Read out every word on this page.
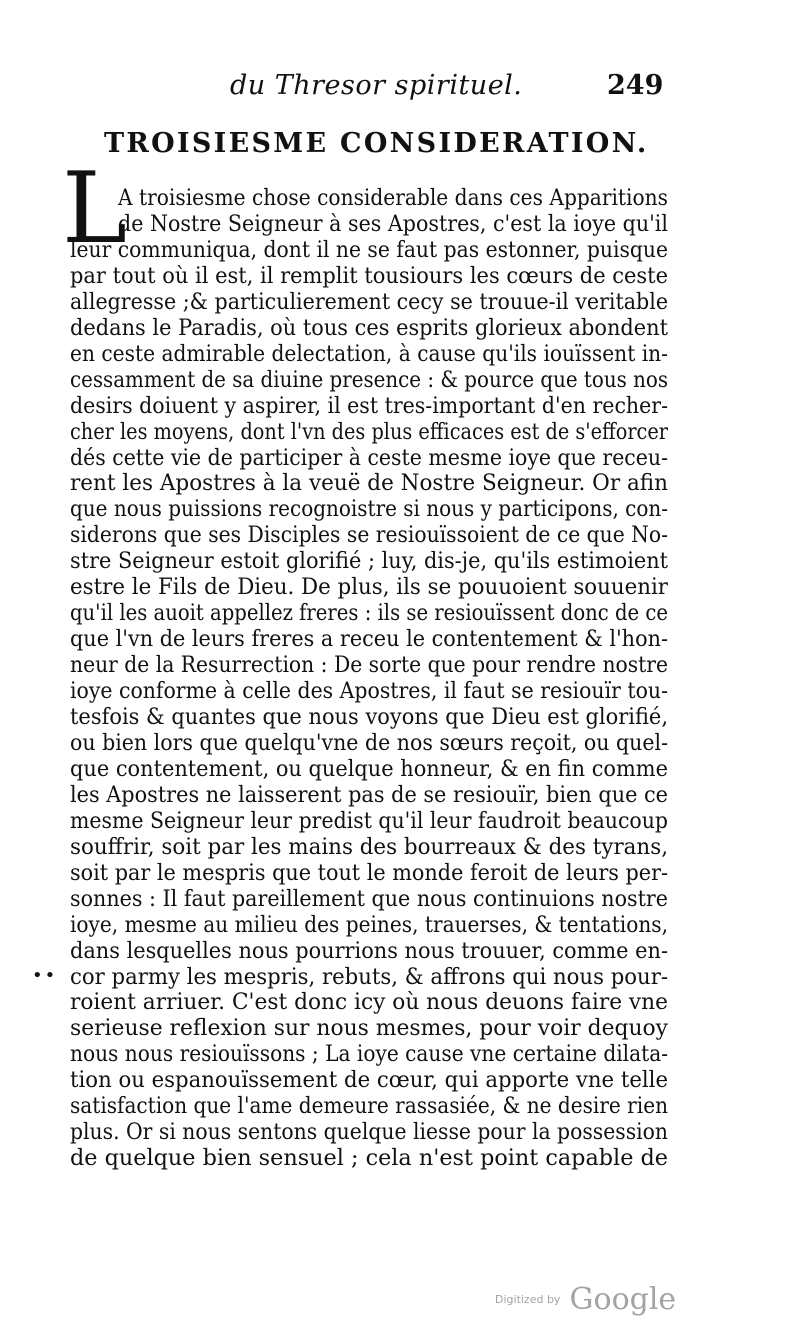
du Thresor spirituel.	249
TROISIESME CONSIDERATION.
L
A troisiesme chose considerable dans ces Apparitions
de Nostre Seigneur à ses Apostres, c'est la ioye qu'il
leur communiqua, dont il ne se faut pas estonner, puisque
par tout où il est, il remplit tousiours les cœurs de ceste
allegresse ;& particulierement cecy se trouue-il veritable
dedans le Paradis, où tous ces esprits glorieux abondent
en ceste admirable delectation, à cause qu'ils iouïssent in-
cessamment de sa diuine presence : & pource que tous nos
desirs doiuent y aspirer, il est tres-important d'en recher-
cher les moyens, dont l'vn des plus efficaces est de s'efforcer
dés cette vie de participer à ceste mesme ioye que receu-
rent les Apostres à la veuë de Nostre Seigneur. Or afin
que nous puissions recognoistre si nous y participons, con-
siderons que ses Disciples se resiouïssoient de ce que No-
stre Seigneur estoit glorifié ; luy, dis-je, qu'ils estimoient
estre le Fils de Dieu. De plus, ils se pouuoient souuenir
qu'il les auoit appellez freres : ils se resiouïssent donc de ce
que l'vn de leurs freres a receu le contentement & l'hon-
neur de la Resurrection : De sorte que pour rendre nostre
ioye conforme à celle des Apostres, il faut se resiouïr tou-
tesfois & quantes que nous voyons que Dieu est glorifié,
ou bien lors que quelqu'vne de nos sœurs reçoit, ou quel-
que contentement, ou quelque honneur, & en fin comme
les Apostres ne laisserent pas de se resiouïr, bien que ce
mesme Seigneur leur predist qu'il leur faudroit beaucoup
souffrir, soit par les mains des bourreaux & des tyrans,
soit par le mespris que tout le monde feroit de leurs per-
sonnes : Il faut pareillement que nous continuions nostre
ioye, mesme au milieu des peines, trauerses, & tentations,
dans lesquelles nous pourrions nous trouuer, comme en-
cor parmy les mespris, rebuts, & affrons qui nous pour-
roient arriuer. C'est donc icy où nous deuons faire vne
serieuse reflexion sur nous mesmes, pour voir dequoy
nous nous resiouïssons ; La ioye cause vne certaine dilata-
tion ou espanouïssement de cœur, qui apporte vne telle
satisfaction que l'ame demeure rassasiée, & ne desire rien
plus. Or si nous sentons quelque liesse pour la possession
de quelque bien sensuel ; cela n'est point capable de
••
Digitized by Google
